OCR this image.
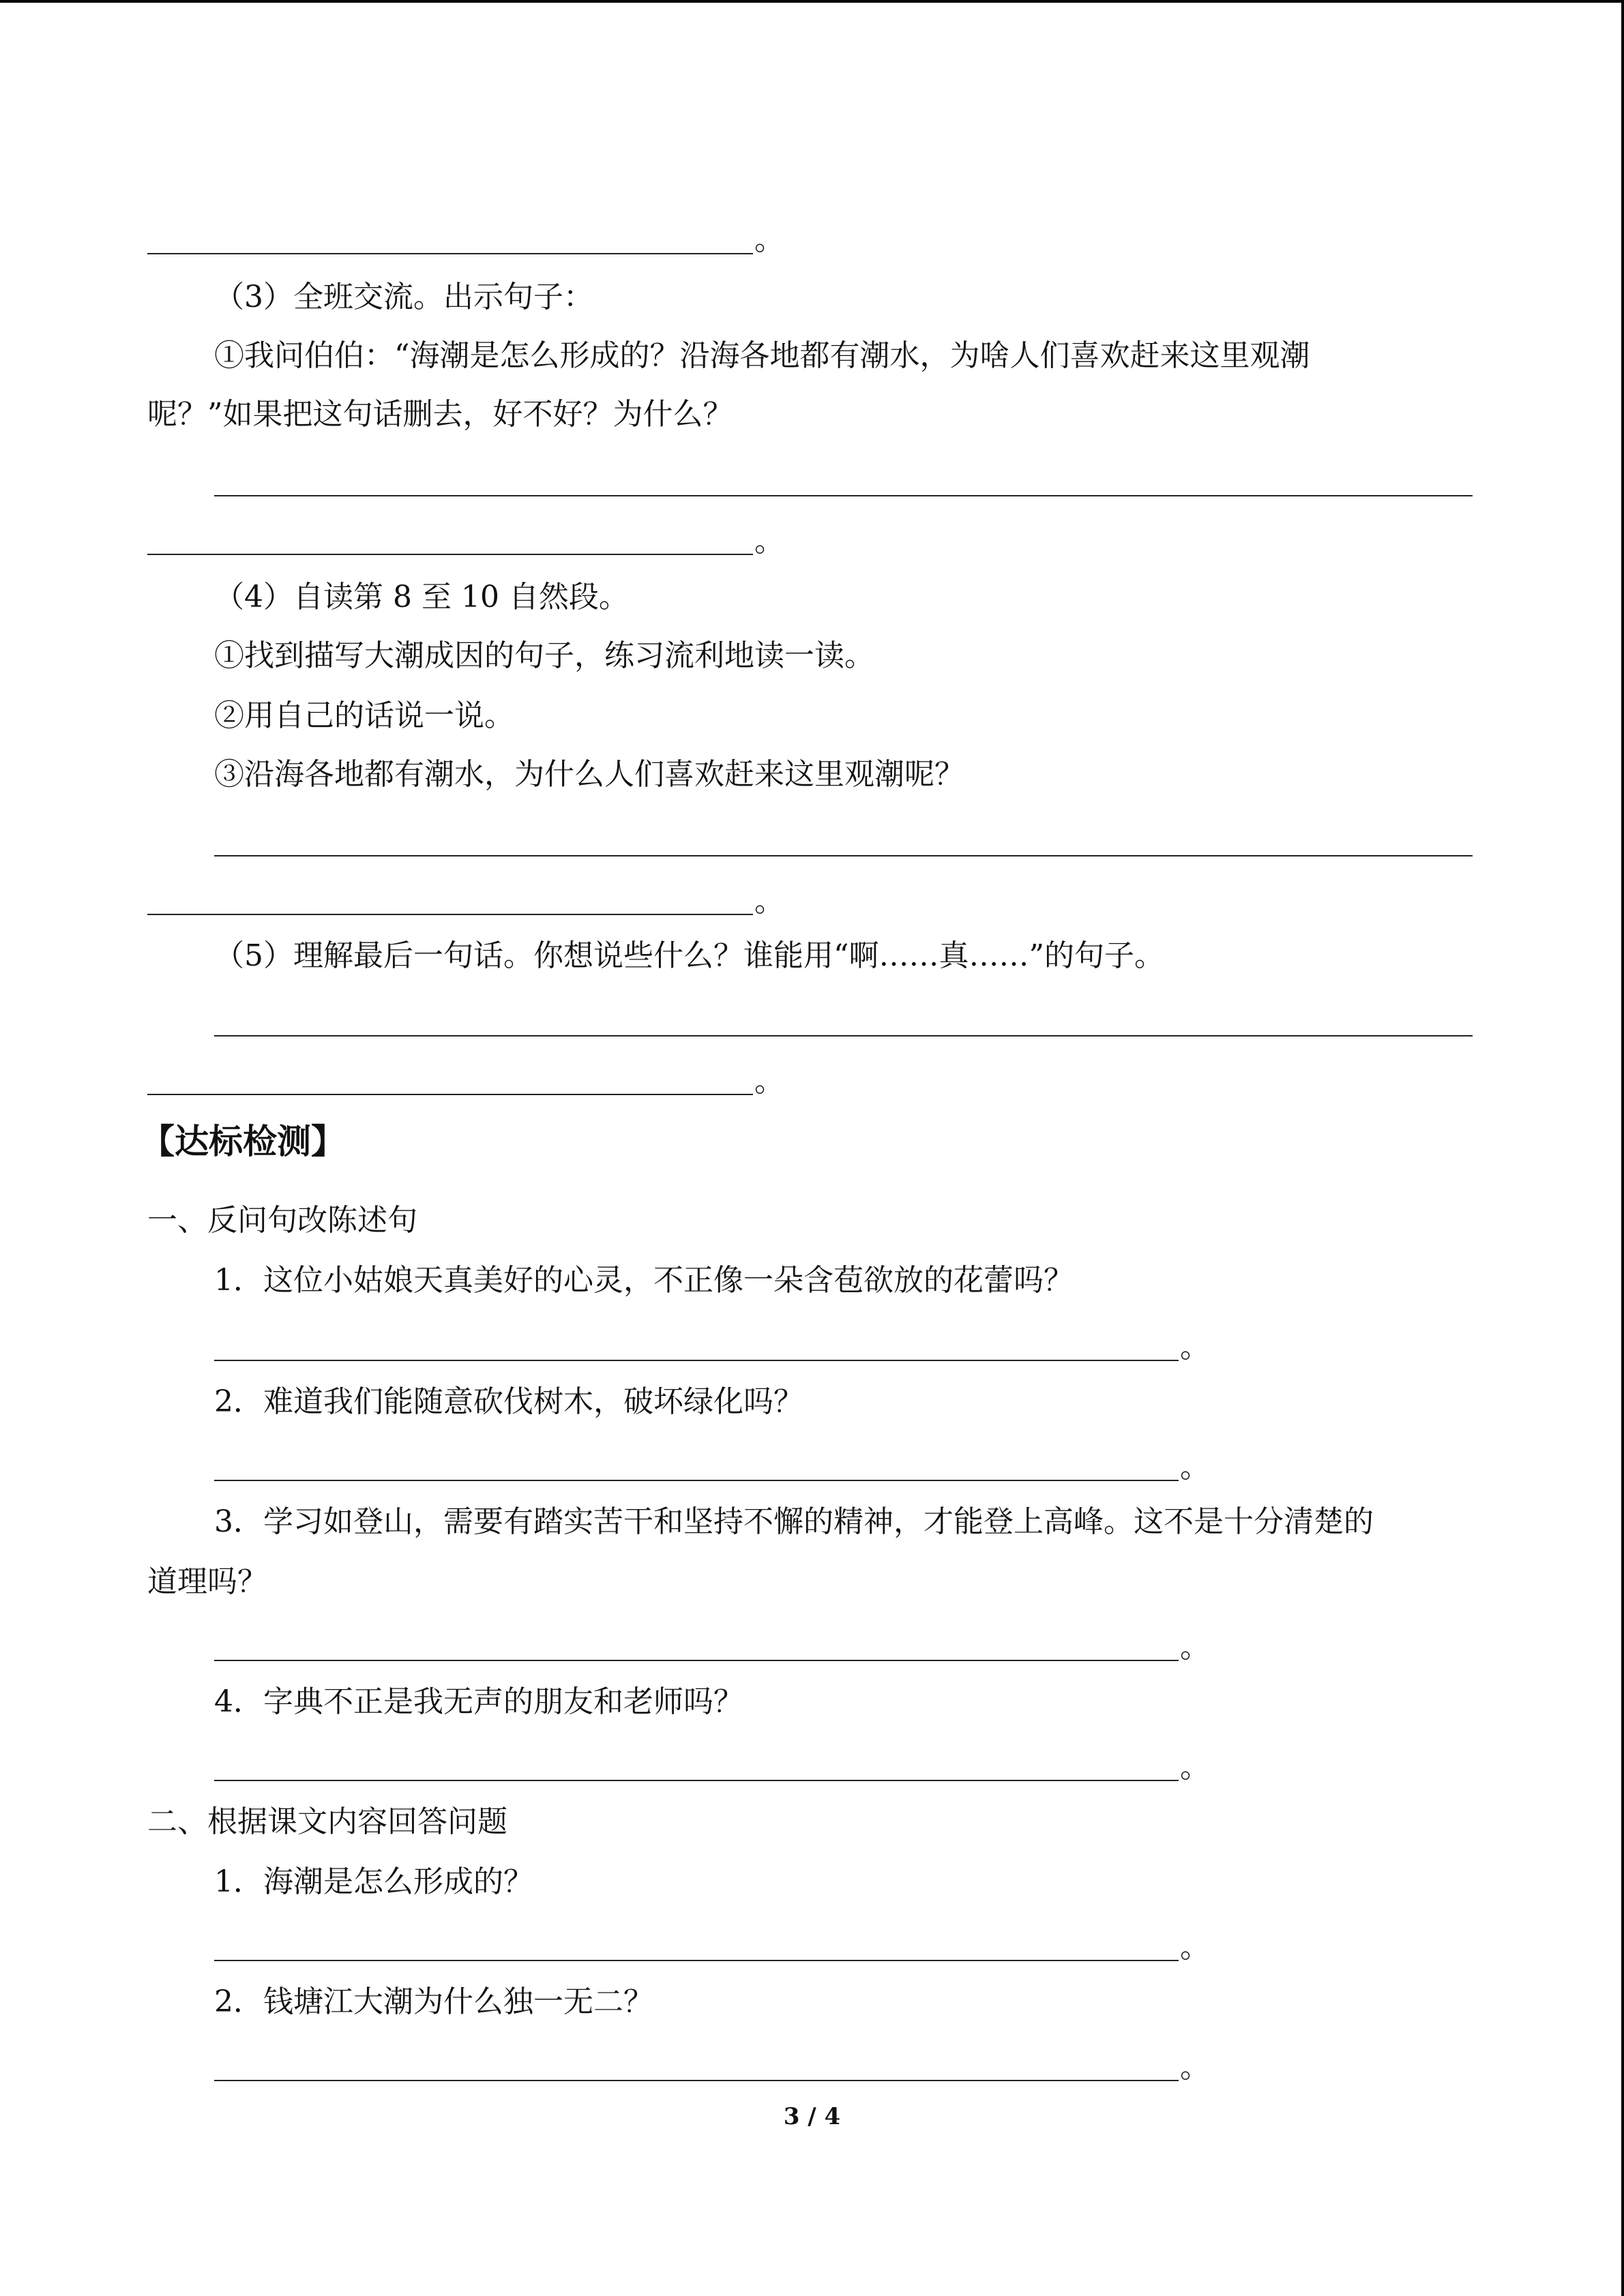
。
（3）全班交流。出示句子：
①我问伯伯：“海潮是怎么形成的？沿海各地都有潮水，为啥人们喜欢赶来这里观潮
呢？”如果把这句话删去，好不好？为什么？
。
（4）自读第 8 至 10 自然段。
①找到描写大潮成因的句子，练习流利地读一读。
②用自己的话说一说。
③沿海各地都有潮水，为什么人们喜欢赶来这里观潮呢？
。
（5）理解最后一句话。你想说些什么？谁能用“啊……真……”的句子。
。
【达标检测】
一、反问句改陈述句
1．这位小姑娘天真美好的心灵，不正像一朵含苞欲放的花蕾吗？
。
2．难道我们能随意砍伐树木，破坏绿化吗？
。
3．学习如登山，需要有踏实苦干和坚持不懈的精神，才能登上高峰。这不是十分清楚的
道理吗？
。
4．字典不正是我无声的朋友和老师吗？
。
二、根据课文内容回答问题
1．海潮是怎么形成的？
。
2．钱塘江大潮为什么独一无二？
。
3 / 4
